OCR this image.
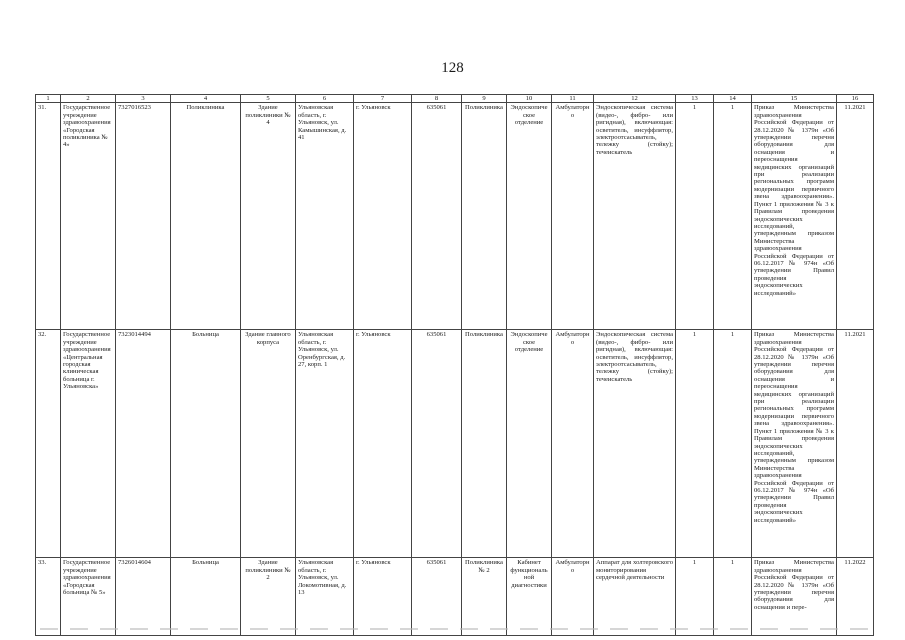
128
1	2	3	4	5	6	7	8	9	10	11	12	13	14	15	16
31.	Государственное учреждение здравоохранения «Городская поликлиника № 4»	7327016523	Поликлиника	Здание поликлиники № 4	Ульяновская область, г. Ульяновск, ул. Камышинская, д. 41	г. Ульяновск	635061	Поликлиника	Эндоскопическое отделение	Амбулаторно	Эндоскопическая система (видео-, фибро- или ригидная), включающая: осветитель, инсуффлятор, электроотсасыватель, тележку (стойку); течеискатель	1	1	Приказ Министерства здравоохранения Российской Федерации от 28.12.2020 № 1379н «Об утверждении перечня оборудования для оснащения и переоснащения медицинских организаций при реализации региональных программ модернизации первичного звена здравоохранения». Пункт 1 приложения № 3 к Правилам проведения эндоскопических исследований, утвержденным приказом Министерства здравоохранения Российской Федерации от 06.12.2017 № 974н «Об утверждении Правил проведения эндоскопических исследований»	11.2021
32.	Государственное учреждение здравоохранения «Центральная городская клиническая больница г. Ульяновска»	7323014494	Больница	Здание главного корпуса	Ульяновская область, г. Ульяновск, ул. Оренбургская, д. 27, корп. 1	г. Ульяновск	635061	Поликлиника	Эндоскопическое отделение	Амбулаторно	Эндоскопическая система (видео-, фибро- или ригидная), включающая: осветитель, инсуффлятор, электроотсасыватель, тележку (стойку); течеискатель	1	1	Приказ Министерства здравоохранения Российской Федерации от 28.12.2020 № 1379н «Об утверждении перечня оборудования для оснащения и переоснащения медицинских организаций при реализации региональных программ модернизации первичного звена здравоохранения». Пункт 1 приложения № 3 к Правилам проведения эндоскопических исследований, утвержденным приказом Министерства здравоохранения Российской Федерации от 06.12.2017 № 974н «Об утверждении Правил проведения эндоскопических исследований»	11.2021
33.	Государственное учреждение здравоохранения «Городская больница № 5»	7326014604	Больница	Здание поликлиники № 2	Ульяновская область, г. Ульяновск, ул. Локомотивная, д. 13	г. Ульяновск	635061	Поликлиника № 2	Кабинет функциональной диагностики	Амбулаторно	Аппарат для холтеровского мониторирования сердечной деятельности	1	1	Приказ Министерства здравоохранения Российской Федерации от 28.12.2020 № 1379н «Об утверждении перечня оборудования для оснащения и пере-	11.2022
